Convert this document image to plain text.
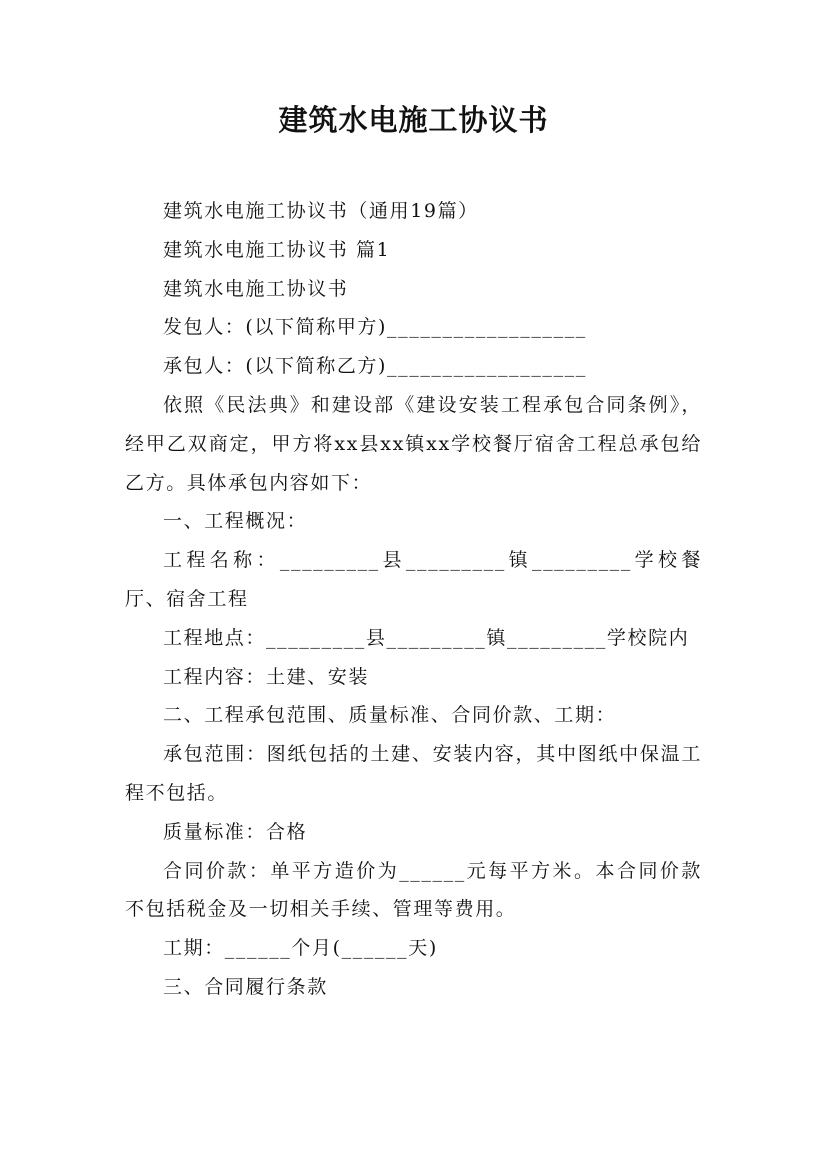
建筑水电施工协议书

建筑水电施工协议书（通用19篇）

建筑水电施工协议书 篇1

建筑水电施工协议书

发包人：(以下简称甲方)__________________

承包人：(以下简称乙方)__________________

依照《民法典》和建设部《建设安装工程承包合同条例》，经甲乙双商定，甲方将xx县xx镇xx学校餐厅宿舍工程总承包给乙方。具体承包内容如下：

一、工程概况：

工程名称：_________县_________镇_________学校餐厅、宿舍工程

工程地点：_________县_________镇_________学校院内

工程内容：土建、安装

二、工程承包范围、质量标准、合同价款、工期：

承包范围：图纸包括的土建、安装内容，其中图纸中保温工程不包括。

质量标准：合格

合同价款：单平方造价为______元每平方米。本合同价款不包括税金及一切相关手续、管理等费用。

工期：______个月(______天)

三、合同履行条款
